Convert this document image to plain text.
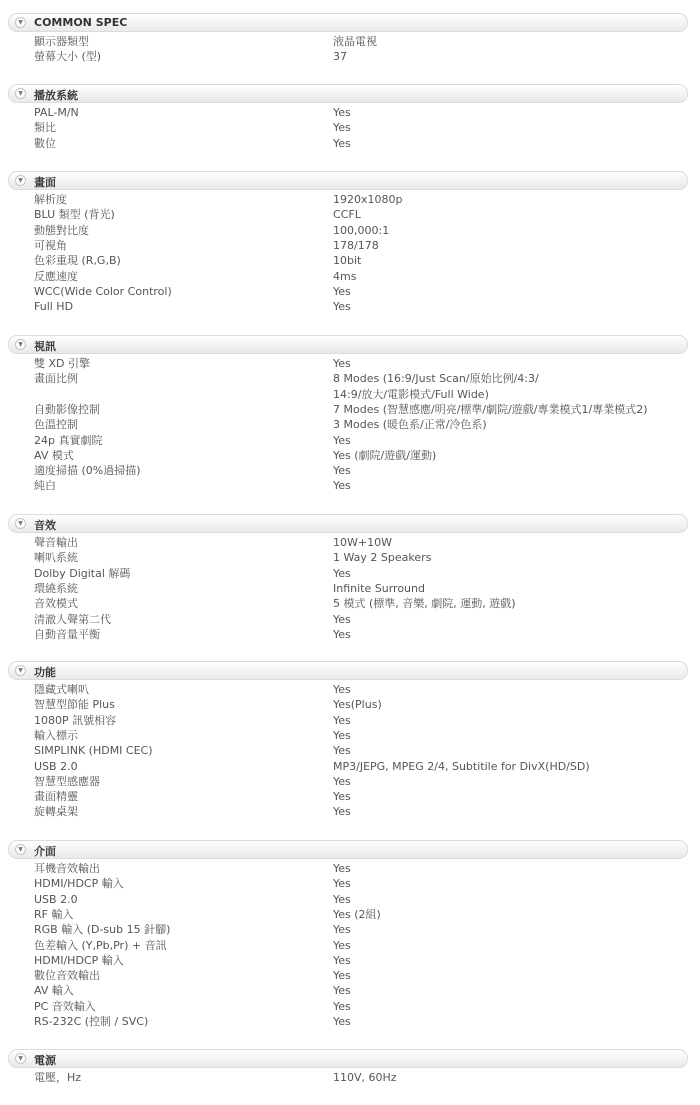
▼ COMMON SPEC
顯示器類型	液晶電視
螢幕大小 (型)	37
▼ 播放系統
PAL-M/N	Yes
類比	Yes
數位	Yes
▼ 畫面
解析度	1920x1080p
BLU 類型 (背光)	CCFL
動態對比度	100,000:1
可視角	178/178
色彩重現 (R,G,B)	10bit
反應速度	4ms
WCC(Wide Color Control)	Yes
Full HD	Yes
▼ 視訊
雙 XD 引擎	Yes
畫面比例	8 Modes (16:9/Just Scan/原始比例/4:3/
14:9/放大/電影模式/Full Wide)
自動影像控制	7 Modes (智慧感應/明亮/標準/劇院/遊戲/專業模式1/專業模式2)
色溫控制	3 Modes (暖色系/正常/冷色系)
24p 真實劇院	Yes
AV 模式	Yes (劇院/遊戲/運動)
適度掃描 (0%過掃描)	Yes
純白	Yes
▼ 音效
聲音輸出	10W+10W
喇叭系統	1 Way 2 Speakers
Dolby Digital 解碼	Yes
環繞系統	Infinite Surround
音效模式	5 模式 (標準, 音樂, 劇院, 運動, 遊戲)
清澈人聲第二代	Yes
自動音量平衡	Yes
▼ 功能
隱藏式喇叭	Yes
智慧型節能 Plus	Yes(Plus)
1080P 訊號相容	Yes
輸入標示	Yes
SIMPLINK (HDMI CEC)	Yes
USB 2.0	MP3/JEPG, MPEG 2/4, Subtitile for DivX(HD/SD)
智慧型感應器	Yes
畫面精靈	Yes
旋轉桌架	Yes
▼ 介面
耳機音效輸出	Yes
HDMI/HDCP 輸入	Yes
USB 2.0	Yes
RF 輸入	Yes (2組)
RGB 輸入 (D-sub 15 針腳)	Yes
色差輸入 (Y,Pb,Pr) + 音訊	Yes
HDMI/HDCP 輸入	Yes
數位音效輸出	Yes
AV 輸入	Yes
PC 音效輸入	Yes
RS-232C (控制 / SVC)	Yes
▼ 電源
電壓，Hz	110V, 60Hz
